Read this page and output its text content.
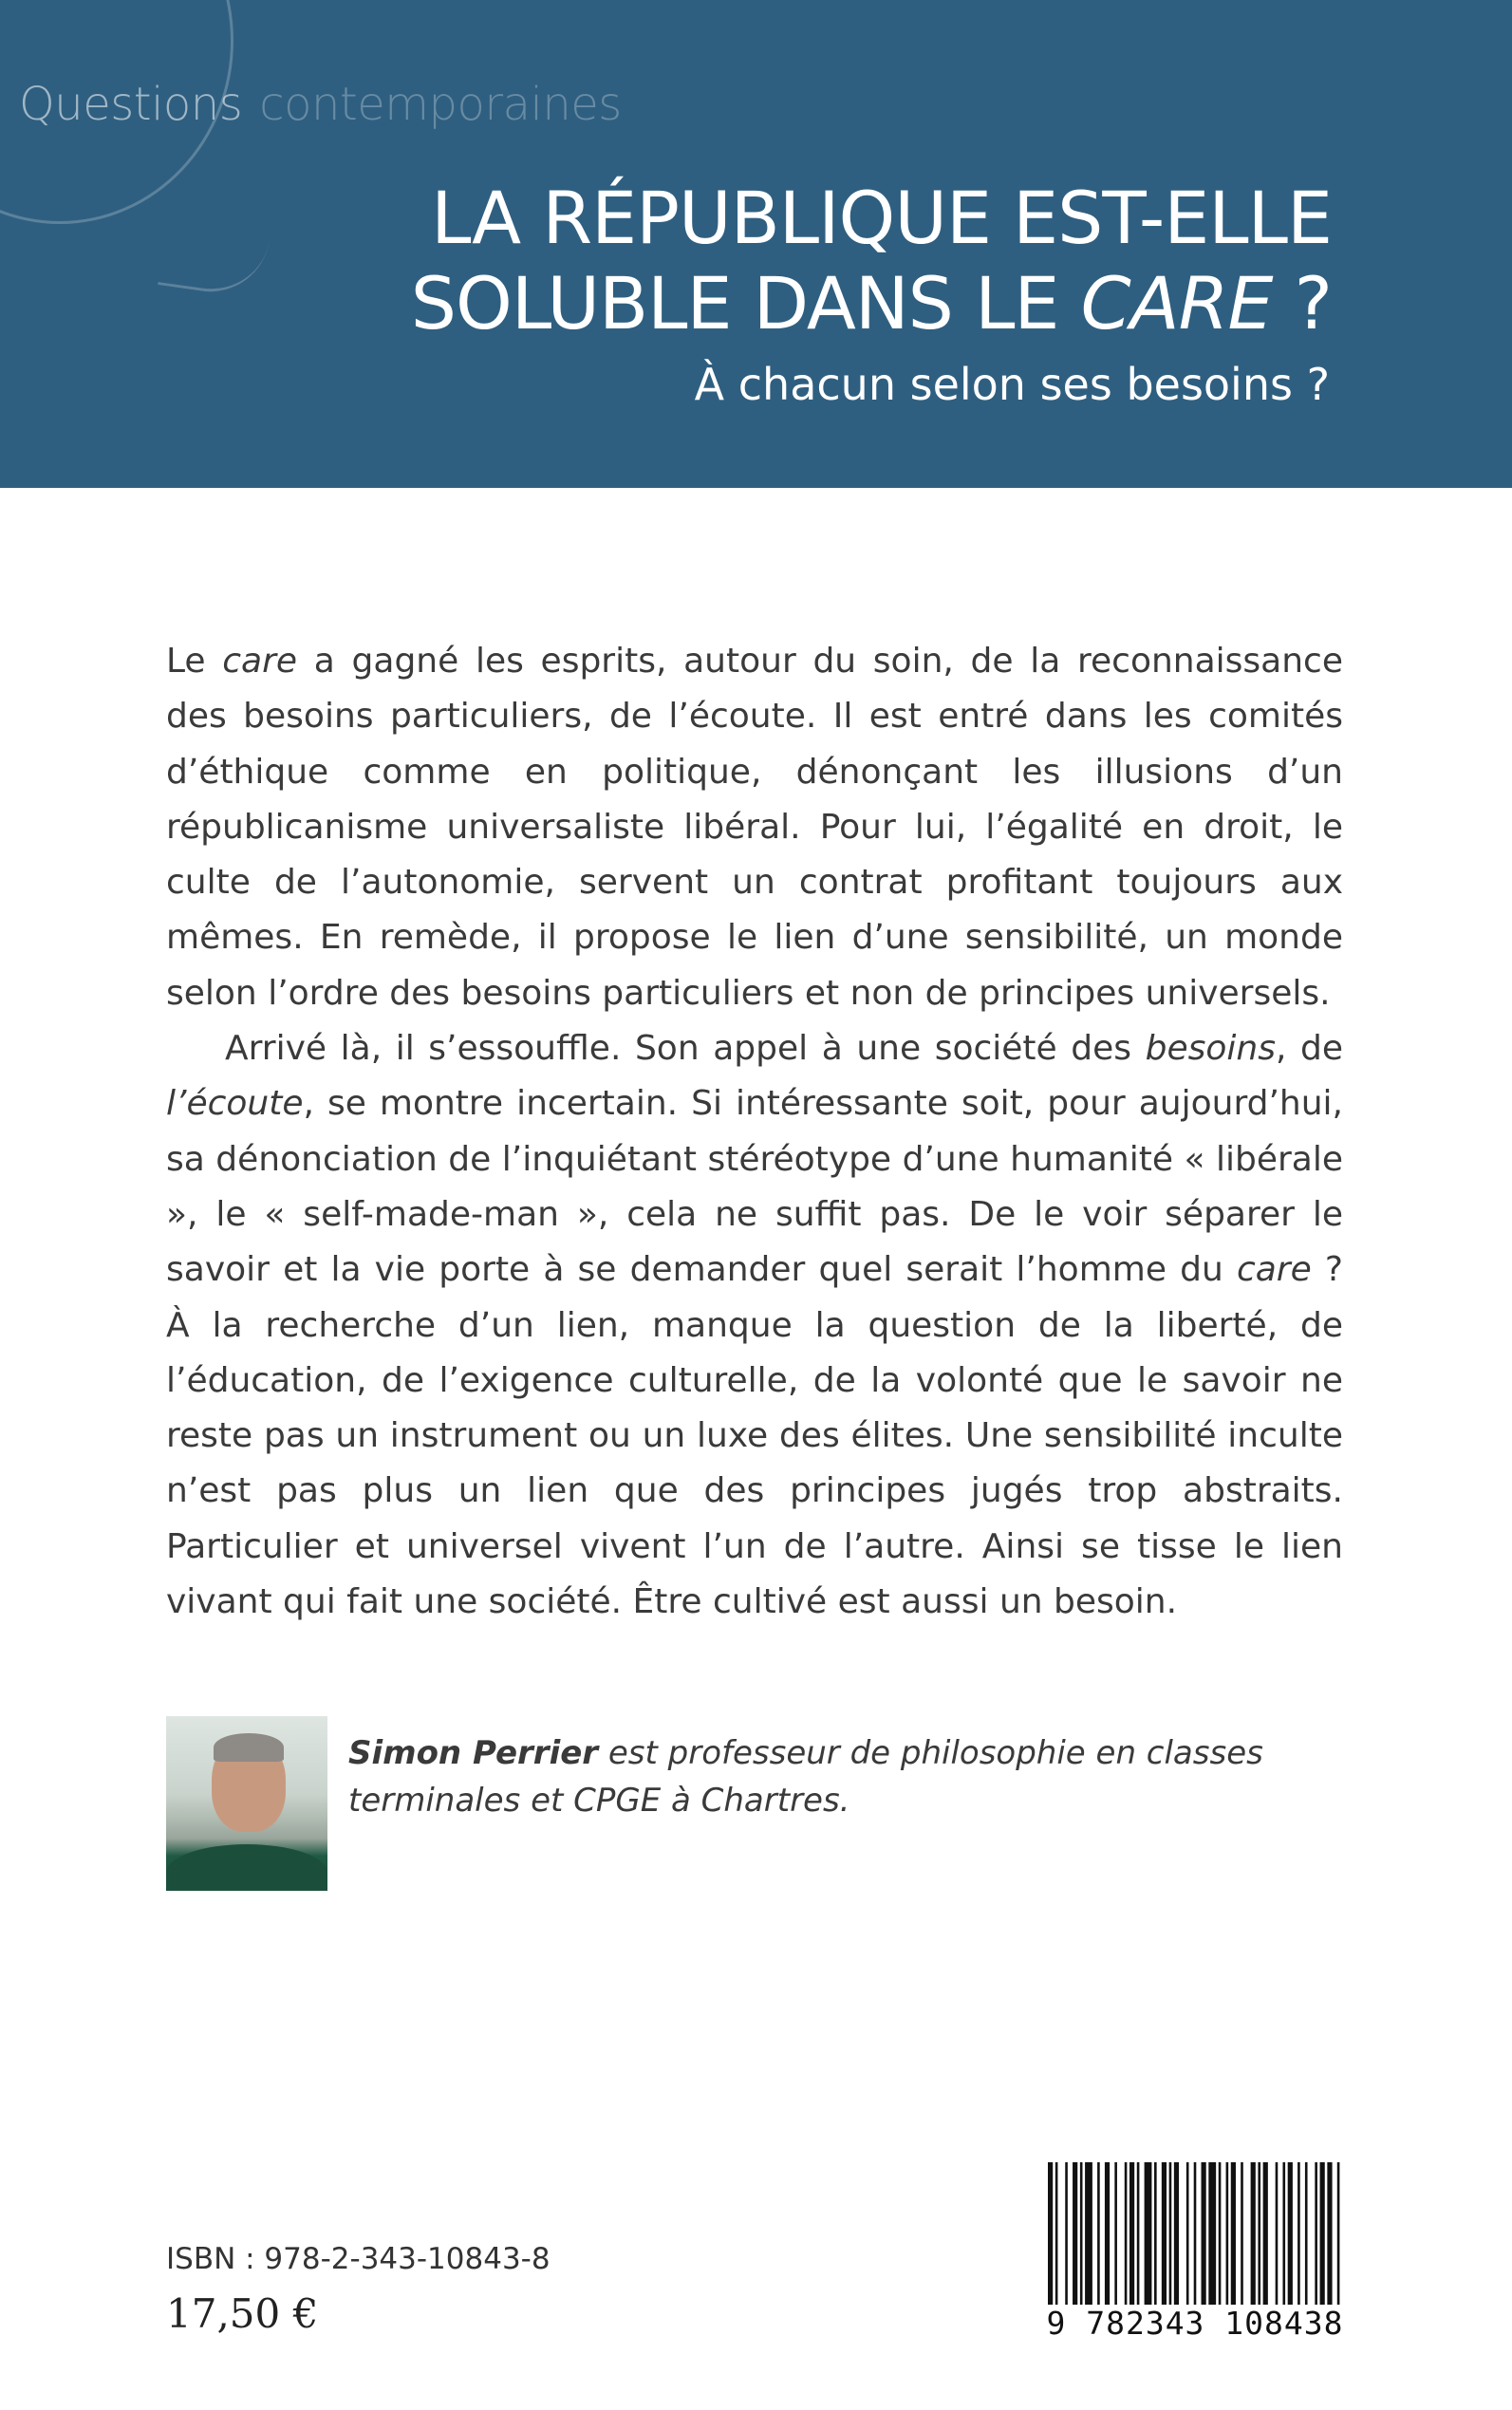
Questions contemporaines
LA RÉPUBLIQUE EST-ELLE
SOLUBLE DANS LE CARE ?
À chacun selon ses besoins ?

Le care a gagné les esprits, autour du soin, de la reconnaissance des besoins particuliers, de l’écoute. Il est entré dans les comités d’éthique comme en politique, dénonçant les illusions d’un républicanisme universaliste libéral. Pour lui, l’égalité en droit, le culte de l’autonomie, servent un contrat profitant toujours aux mêmes. En remède, il propose le lien d’une sensibilité, un monde selon l’ordre des besoins particuliers et non de principes universels.

Arrivé là, il s’essouffle. Son appel à une société des besoins, de l’écoute, se montre incertain. Si intéressante soit, pour aujourd’hui, sa dénonciation de l’inquiétant stéréotype d’une humanité « libérale », le « self-made-man », cela ne suffit pas. De le voir séparer le savoir et la vie porte à se demander quel serait l’homme du care ? À la recherche d’un lien, manque la question de la liberté, de l’éducation, de l’exigence culturelle, de la volonté que le savoir ne reste pas un instrument ou un luxe des élites. Une sensibilité inculte n’est pas plus un lien que des principes jugés trop abstraits. Particulier et universel vivent l’un de l’autre. Ainsi se tisse le lien vivant qui fait une société. Être cultivé est aussi un besoin.

Simon Perrier est professeur de philosophie en classes terminales et CPGE à Chartres.
ISBN : 978-2-343-10843-8
17,50 €	9 782343 108438
